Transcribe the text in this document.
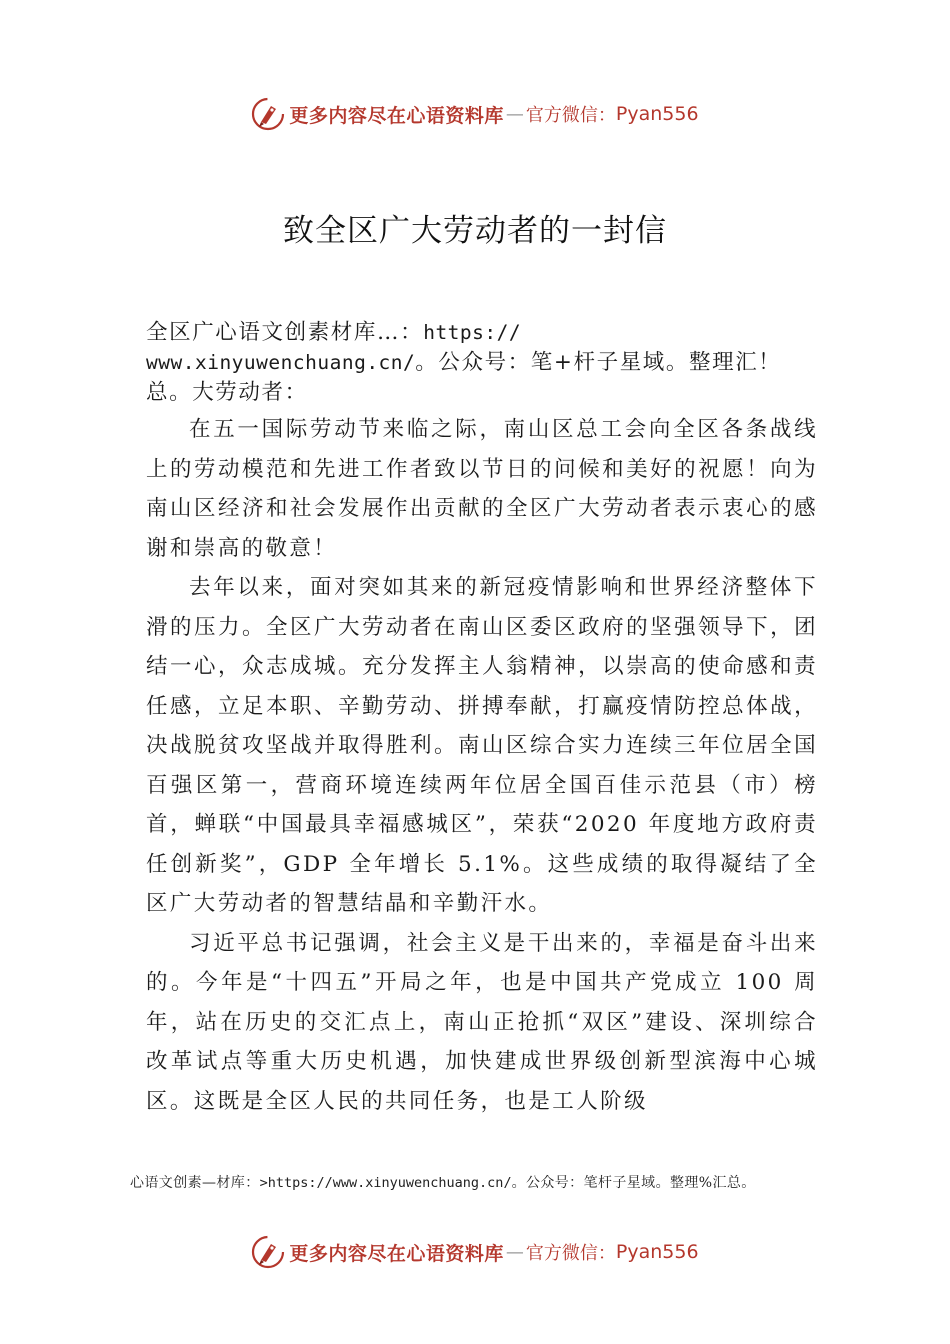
更多内容尽在心语资料库 — 官方微信： Pyan556
致全区广大劳动者的一封信
全区广心语文创素材库…：https://
www.xinyuwenchuang.cn/。公众号：笔+杆子星域。整理汇！总。大劳动者：

在五一国际劳动节来临之际，南山区总工会向全区各条战线上的劳动模范和先进工作者致以节日的问候和美好的祝愿！向为南山区经济和社会发展作出贡献的全区广大劳动者表示衷心的感谢和崇高的敬意！

去年以来，面对突如其来的新冠疫情影响和世界经济整体下滑的压力。全区广大劳动者在南山区委区政府的坚强领导下，团结一心，众志成城。充分发挥主人翁精神，以崇高的使命感和责任感，立足本职、辛勤劳动、拼搏奉献，打赢疫情防控总体战，决战脱贫攻坚战并取得胜利。南山区综合实力连续三年位居全国百强区第一，营商环境连续两年位居全国百佳示范县（市）榜首，蝉联“中国最具幸福感城区”，荣获“2020 年度地方政府责任创新奖”，GDP 全年增长 5.1%。这些成绩的取得凝结了全区广大劳动者的智慧结晶和辛勤汗水。

习近平总书记强调，社会主义是干出来的，幸福是奋斗出来的。今年是“十四五”开局之年，也是中国共产党成立 100 周年，站在历史的交汇点上，南山正抢抓“双区”建设、深圳综合改革试点等重大历史机遇，加快建成世界级创新型滨海中心城区。这既是全区人民的共同任务，也是工人阶级

心语文创素—材库：>https://www.xinyuwenchuang.cn/。公众号：笔杆子星域。整理%汇总。
更多内容尽在心语资料库 — 官方微信： Pyan556
